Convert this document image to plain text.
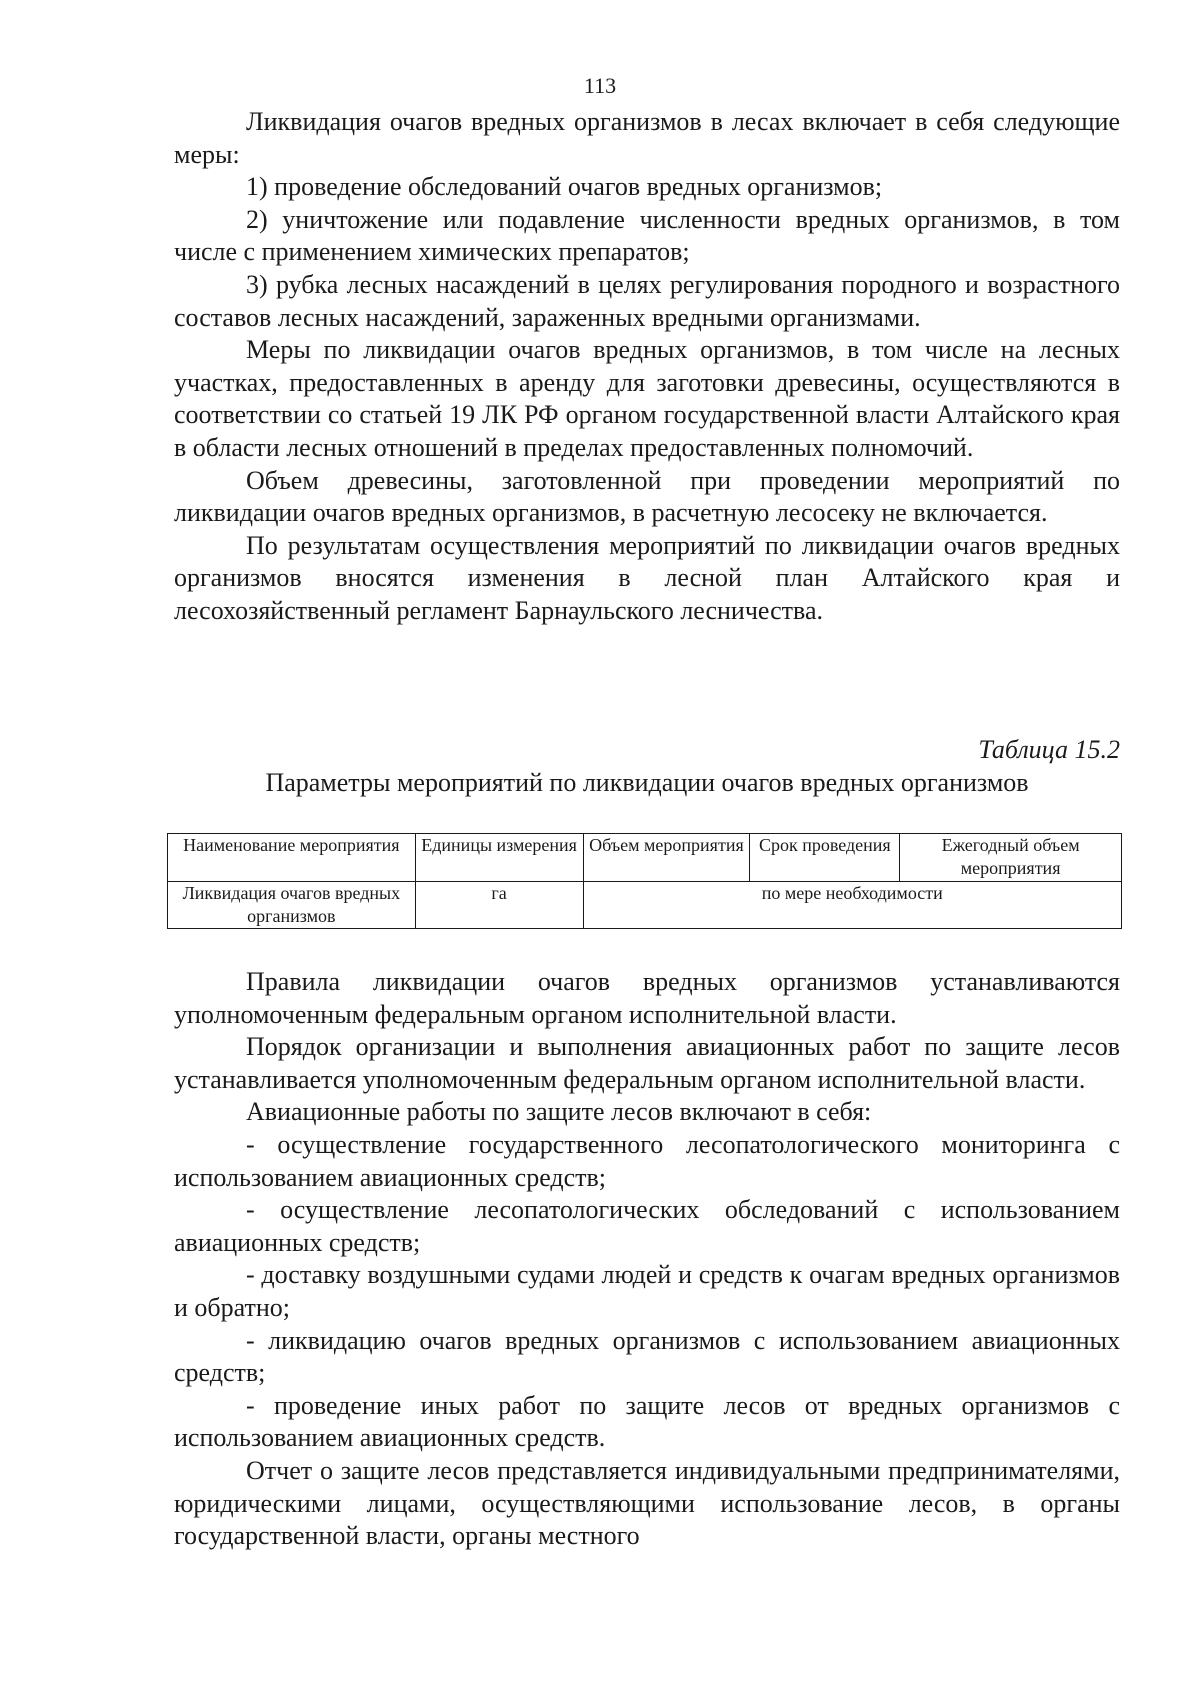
113

Ликвидация очагов вредных организмов в лесах включает в себя следующие меры:

1) проведение обследований очагов вредных организмов;

2) уничтожение или подавление численности вредных организмов, в том числе с применением химических препаратов;

3) рубка лесных насаждений в целях регулирования породного и возрастного составов лесных насаждений, зараженных вредными организмами.

Меры по ликвидации очагов вредных организмов, в том числе на лесных участках, предоставленных в аренду для заготовки древесины, осуществляются в соответствии со статьей 19 ЛК РФ органом государственной власти Алтайского края в области лесных отношений в пределах предоставленных полномочий.

Объем древесины, заготовленной при проведении мероприятий по ликвидации очагов вредных организмов, в расчетную лесосеку не включается.

По результатам осуществления мероприятий по ликвидации очагов вредных организмов вносятся изменения в лесной план Алтайского края и лесохозяйственный регламент Барнаульского лесничества.

Таблица 15.2
Параметры мероприятий по ликвидации очагов вредных организмов
Наименование мероприятия	Единицы измерения	Объем мероприятия	Срок проведения	Ежегодный объем мероприятия
Ликвидация очагов вредных организмов	га	по мере необходимости		

Правила ликвидации очагов вредных организмов устанавливаются уполномоченным федеральным органом исполнительной власти.

Порядок организации и выполнения авиационных работ по защите лесов устанавливается уполномоченным федеральным органом исполнительной власти.

Авиационные работы по защите лесов включают в себя:

- осуществление государственного лесопатологического мониторинга с использованием авиационных средств;

- осуществление лесопатологических обследований с использованием авиационных средств;

- доставку воздушными судами людей и средств к очагам вредных организмов и обратно;

- ликвидацию очагов вредных организмов с использованием авиационных средств;

- проведение иных работ по защите лесов от вредных организмов с использованием авиационных средств.

Отчет о защите лесов представляется индивидуальными предпринимателями, юридическими лицами, осуществляющими использование лесов, в органы государственной власти, органы местного
